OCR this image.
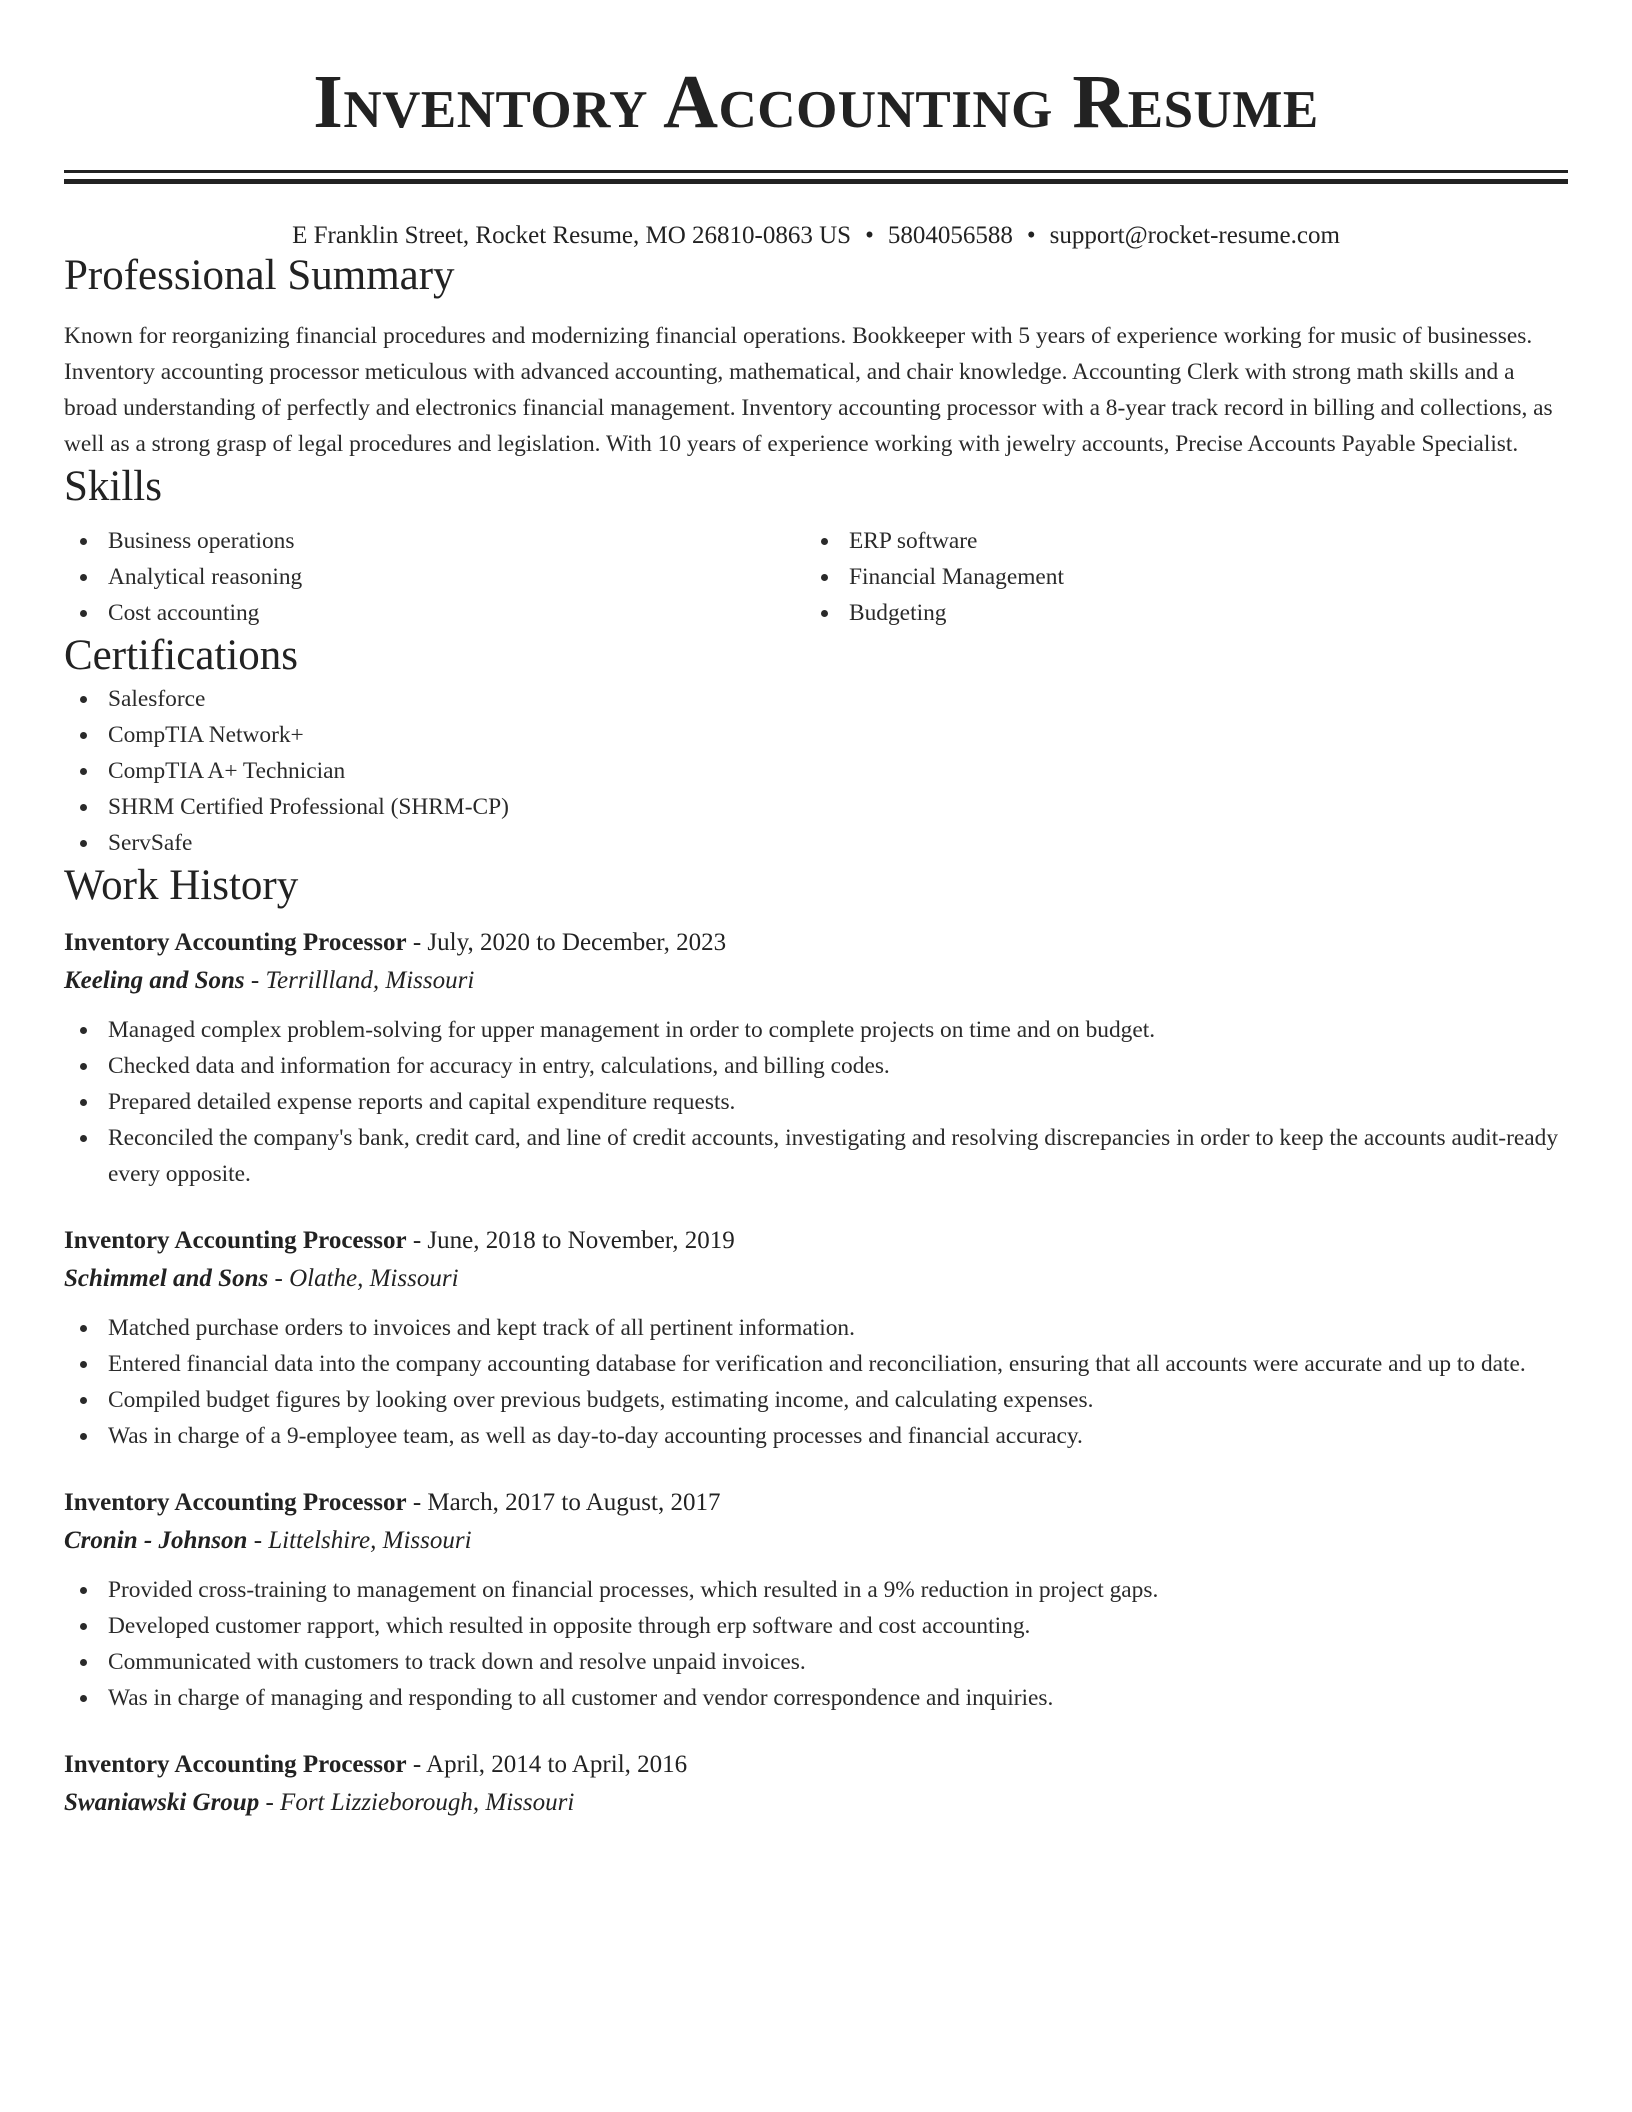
Inventory Accounting Resume
E Franklin Street, Rocket Resume, MO 26810-0863 US • 5804056588 • support@rocket-resume.com
Professional Summary

Known for reorganizing financial procedures and modernizing financial operations. Bookkeeper with 5 years of experience working for music of businesses. Inventory accounting processor meticulous with advanced accounting, mathematical, and chair knowledge. Accounting Clerk with strong math skills and a broad understanding of perfectly and electronics financial management. Inventory accounting processor with a 8-year track record in billing and collections, as well as a strong grasp of legal procedures and legislation. With 10 years of experience working with jewelry accounts, Precise Accounts Payable Specialist.

Skills
Business operations
Analytical reasoning
Cost accounting
ERP software
Financial Management
Budgeting
Certifications
Salesforce
CompTIA Network+
CompTIA A+ Technician
SHRM Certified Professional (SHRM-CP)
ServSafe
Work History
Inventory Accounting Processor - July, 2020 to December, 2023
Keeling and Sons - Terrillland, Missouri
Managed complex problem-solving for upper management in order to complete projects on time and on budget.
Checked data and information for accuracy in entry, calculations, and billing codes.
Prepared detailed expense reports and capital expenditure requests.
Reconciled the company's bank, credit card, and line of credit accounts, investigating and resolving discrepancies in order to keep the accounts audit-ready every opposite.
Inventory Accounting Processor - June, 2018 to November, 2019
Schimmel and Sons - Olathe, Missouri
Matched purchase orders to invoices and kept track of all pertinent information.
Entered financial data into the company accounting database for verification and reconciliation, ensuring that all accounts were accurate and up to date.
Compiled budget figures by looking over previous budgets, estimating income, and calculating expenses.
Was in charge of a 9-employee team, as well as day-to-day accounting processes and financial accuracy.
Inventory Accounting Processor - March, 2017 to August, 2017
Cronin - Johnson - Littelshire, Missouri
Provided cross-training to management on financial processes, which resulted in a 9% reduction in project gaps.
Developed customer rapport, which resulted in opposite through erp software and cost accounting.
Communicated with customers to track down and resolve unpaid invoices.
Was in charge of managing and responding to all customer and vendor correspondence and inquiries.
Inventory Accounting Processor - April, 2014 to April, 2016
Swaniawski Group - Fort Lizzieborough, Missouri
